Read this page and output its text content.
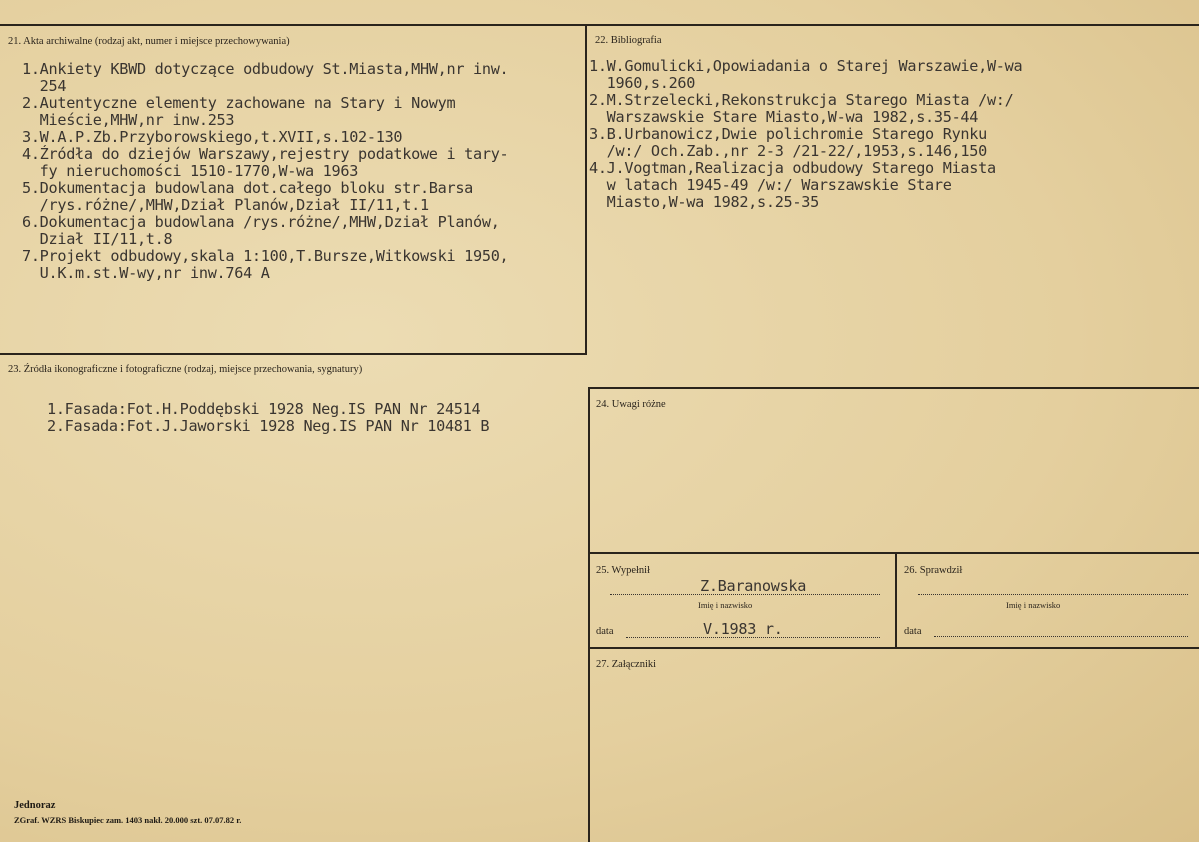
21. Akta archiwalne (rodzaj akt, numer i miejsce przechowywania)
1.Ankiety KBWD dotyczące odbudowy St.Miasta,MHW,nr inw.
254
2.Autentyczne elementy zachowane na Stary i Nowym
Mieście,MHW,nr inw.253
3.W.A.P.Zb.Przyborowskiego,t.XVII,s.102-130
4.Źródła do dziejów Warszawy,rejestry podatkowe i tary-
fy nieruchomości 1510-1770,W-wa 1963
5.Dokumentacja budowlana dot.całego bloku str.Barsa
/rys.różne/,MHW,Dział Planów,Dział II/11,t.1
6.Dokumentacja budowlana /rys.różne/,MHW,Dział Planów,
Dział II/11,t.8
7.Projekt odbudowy,skala 1:100,T.Bursze,Witkowski 1950,
U.K.m.st.W-wy,nr inw.764 A
22. Bibliografia
1.W.Gomulicki,Opowiadania o Starej Warszawie,W-wa
1960,s.260
2.M.Strzelecki,Rekonstrukcja Starego Miasta /w:/
Warszawskie Stare Miasto,W-wa 1982,s.35-44
3.B.Urbanowicz,Dwie polichromie Starego Rynku
/w:/ Och.Zab.,nr 2-3 /21-22/,1953,s.146,150
4.J.Vogtman,Realizacja odbudowy Starego Miasta
w latach 1945-49 /w:/ Warszawskie Stare
Miasto,W-wa 1982,s.25-35
23. Źródła ikonograficzne i fotograficzne (rodzaj, miejsce przechowania, sygnatury)
1.Fasada:Fot.H.Poddębski 1928 Neg.IS PAN Nr 24514
2.Fasada:Fot.J.Jaworski 1928 Neg.IS PAN Nr 10481 B
24. Uwagi różne
25. Wypełnił
Z.Baranowska
Imię i nazwisko
data	V.1983 r.
26. Sprawdził
Imię i nazwisko
data
27. Załączniki
Jednoraz
ZGraf. WZRS Biskupiec zam. 1403 nakł. 20.000 szt. 07.07.82 r.
